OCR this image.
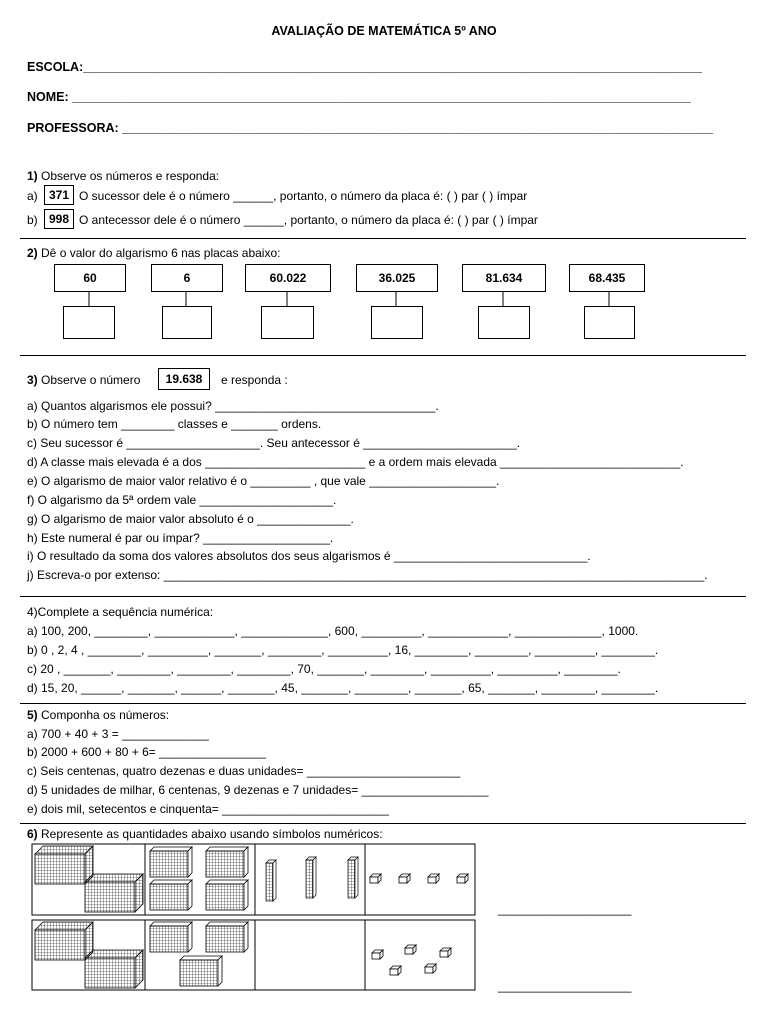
AVALIAÇÃO DE MATEMÁTICA 5º ANO
ESCOLA:_________________________________________________________________________________________
NOME: _________________________________________________________________________________________
PROFESSORA: _____________________________________________________________________________________
1) Observe os números e responda:
a) 371 O sucessor dele é o número ______, portanto, o número da placa é: ( ) par ( ) ímpar
b) 998 O antecessor dele é o número ______, portanto, o número da placa é: ( ) par ( ) ímpar
2) Dê o valor do algarismo 6 nas placas abaixo:
60	6	60.022	36.025	81.634	68.435
3) Observe o número	19.638	e responda :
a) Quantos algarismos ele possui? _________________________________.
b) O número tem ________ classes e _______ ordens.
c) Seu sucessor é ____________________. Seu antecessor é _______________________.
d) A classe mais elevada é a dos ________________________ e a ordem mais elevada ___________________________.
e) O algarismo de maior valor relativo é o _________ , que vale ___________________.
f) O algarismo da 5ª ordem vale ____________________.
g) O algarismo de maior valor absoluto é o ______________.
h) Este numeral é par ou ímpar? ___________________.
i) O resultado da soma dos valores absolutos dos seus algarismos é _____________________________.
j) Escreva-o por extenso: _________________________________________________________________________________.
4)Complete a sequência numérica:
a) 100, 200, ________, ____________, _____________, 600, _________, ____________, _____________, 1000.
b) 0 , 2, 4 , ________, _________, _______, ________, _________, 16, ________, ________, _________, ________.
c) 20 , _______, ________, ________, ________, 70, _______, ________, _________, _________, ________.
d) 15, 20, ______, _______, ______, _______, 45, _______, ________, _______, 65, _______, ________, ________.
5) Componha os números:
a) 700 + 40 + 3 = _____________
b) 2000 + 600 + 80 + 6= ________________
c) Seis centenas, quatro dezenas e duas unidades= _______________________
d) 5 unidades de milhar, 6 centenas, 9 dezenas e 7 unidades= ___________________
e) dois mil, setecentos e cinquenta= _________________________
6) Represente as quantidades abaixo usando símbolos numéricos:
____________________
____________________
